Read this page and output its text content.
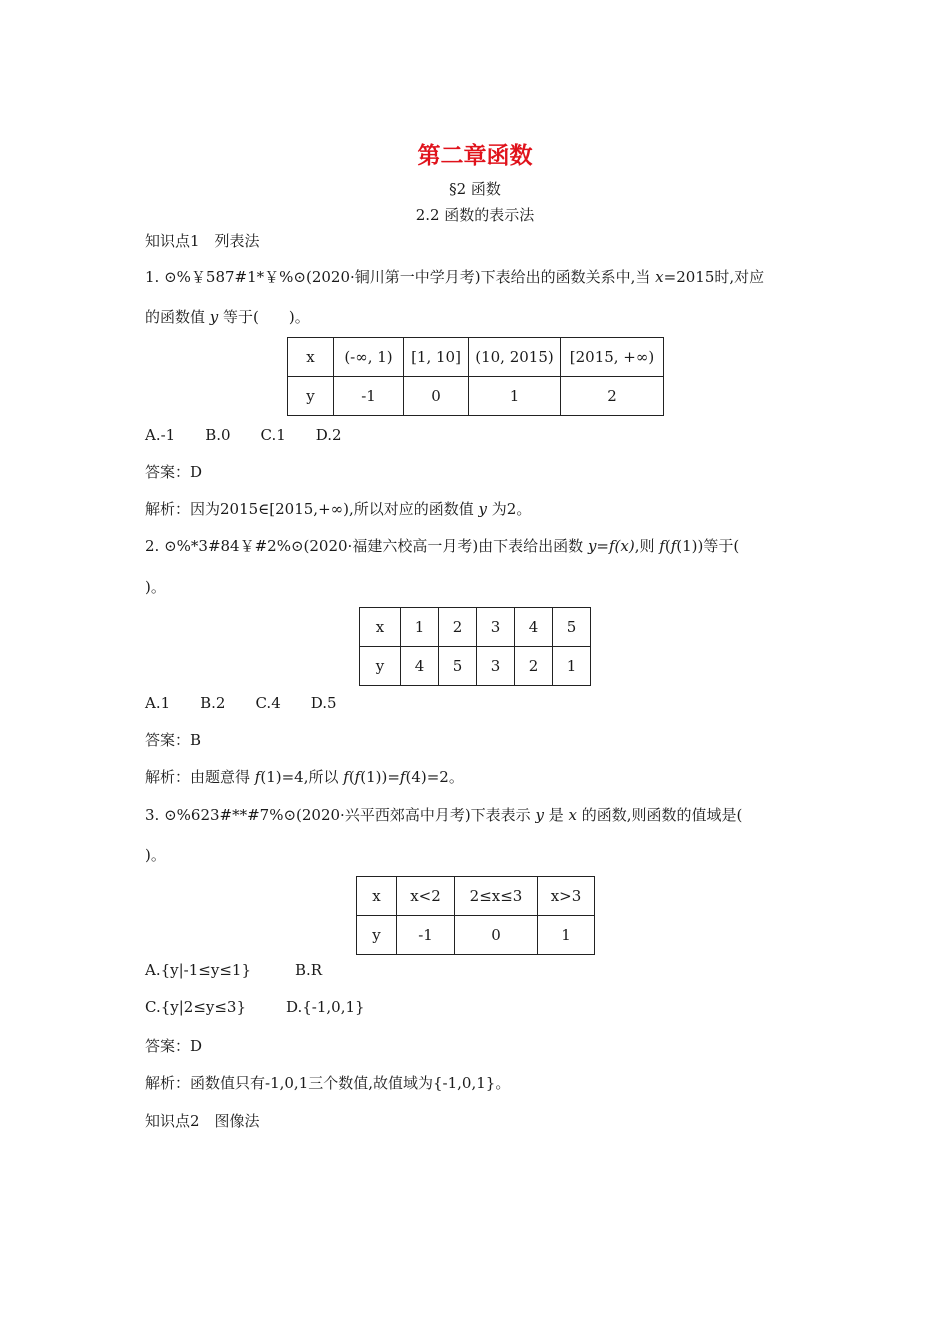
第二章函数
§2 函数
2.2 函数的表示法
知识点1　列表法
1. ⊙%￥587#1*￥%⊙(2020·铜川第一中学月考)下表给出的函数关系中,当 x=2015时,对应
的函数值 y 等于(　　)。
x	(-∞, 1)	[1, 10]	(10, 2015)	[2015, +∞)
y	-1	0	1	2
A.-1　　B.0　　C.1　　D.2
答案：D
解析：因为2015∈[2015,+∞),所以对应的函数值 y 为2。
2. ⊙%*3#84￥#2%⊙(2020·福建六校高一月考)由下表给出函数 y=f(x),则 f(f(1))等于(
)。
x	1	2	3	4	5
y	4	5	3	2	1
A.1　　B.2　　C.4　　D.5
答案：B
解析：由题意得 f(1)=4,所以 f(f(1))=f(4)=2。
3. ⊙%623#**#7%⊙(2020·兴平西郊高中月考)下表表示 y 是 x 的函数,则函数的值域是(
)。
x	x<2	2≤x≤3	x>3
y	-1	0	1
A.{y|-1≤y≤1}	B.R
C.{y|2≤y≤3}	D.{-1,0,1}
答案：D
解析：函数值只有-1,0,1三个数值,故值域为{-1,0,1}。
知识点2　图像法
